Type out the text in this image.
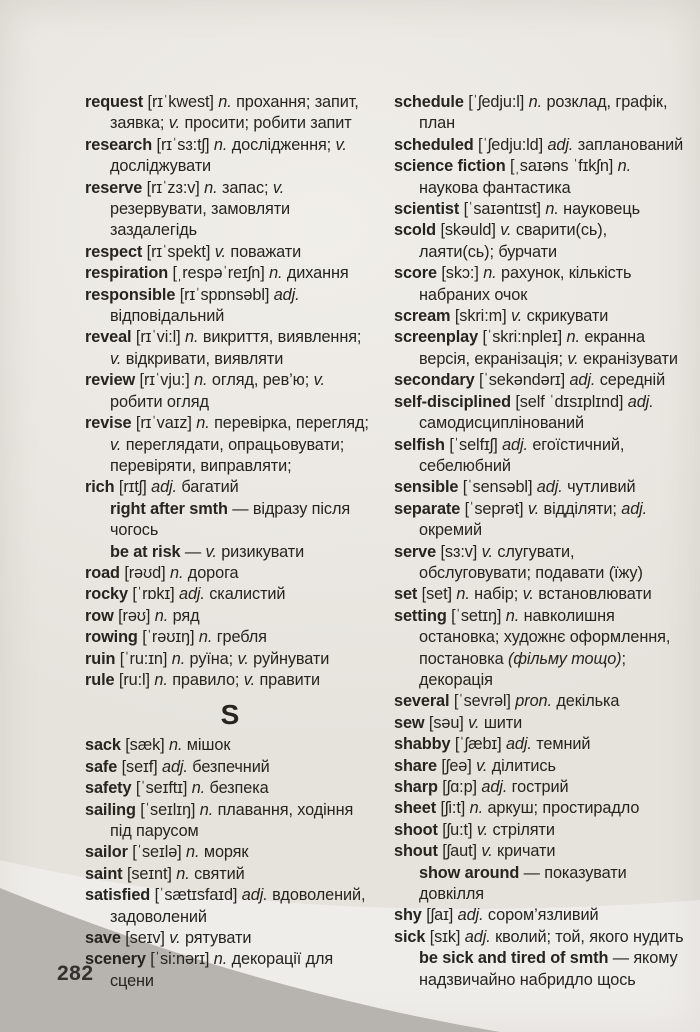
request [rɪˈkwest] n. прохання; запит, заявка; v. просити; робити запит

research [rɪˈsɜ:tʃ] n. дослідження; v. досліджувати

reserve [rɪˈzɜ:v] n. запас; v. резервувати, замовляти заздалегідь

respect [rɪˈspekt] v. поважати

respiration [ˌrespəˈreɪʃn] n. дихання

responsible [rɪˈspɒnsəbl] adj. відповідальний

reveal [rɪˈvi:l] n. викриття, виявлення; v. відкривати, виявляти

review [rɪˈvju:] n. огляд, рев’ю; v. робити огляд

revise [rɪˈvaɪz] n. перевірка, перегляд; v. переглядати, опрацьовувати; перевіряти, виправляти;

rich [rɪtʃ] adj. багатий

right after smth — відразу після чогось

be at risk — v. ризикувати

road [rəʊd] n. дорога

rocky [ˈrɒkɪ] adj. скалистий

row [rəʊ] n. ряд

rowing [ˈrəʊɪŋ] n. гребля

ruin [ˈru:ɪn] n. руїна; v. руйнувати

rule [ru:l] n. правило; v. правити

S

sack [sæk] n. мішок

safe [seɪf] adj. безпечний

safety [ˈseɪftɪ] n. безпека

sailing [ˈseɪlɪŋ] n. плавання, ходіння під парусом

sailor [ˈseɪlə] n. моряк

saint [seɪnt] n. святий

satisfied [ˈsætɪsfaɪd] adj. вдоволений, задоволений

save [seɪv] v. рятувати

scenery [ˈsi:nərɪ] n. декорації для сцени

schedule [ˈʃedju:l] n. розклад, графік, план

scheduled [ˈʃedju:ld] adj. запланований

science fiction [ˌsaɪəns ˈfɪkʃn] n. наукова фантастика

scientist [ˈsaɪəntɪst] n. науковець

scold [skəuld] v. сварити(сь), лаяти(сь); бурчати

score [skɔ:] n. рахунок, кількість набраних очок

scream [skri:m] v. скрикувати

screenplay [ˈskri:npleɪ] n. екранна версія, екранізація; v. екранізувати

secondary [ˈsekəndərɪ] adj. середній

self-disciplined [self ˈdɪsɪplɪnd] adj. самодисциплінований

selfish [ˈselfɪʃ] adj. егоїстичний, себелюбний

sensible [ˈsensəbl] adj. чутливий

separate [ˈseprət] v. відділяти; adj. окремий

serve [sɜ:v] v. слугувати, обслуговувати; подавати (їжу)

set [set] n. набір; v. встановлювати

setting [ˈsetɪŋ] n. навколишня остановка; художнє оформлення, постановка (фільму тощо); декорація

several [ˈsevrəl] pron. декілька

sew [səu] v. шити

shabby [ˈʃæbɪ] adj. темний

share [ʃeə] v. ділитись

sharp [ʃɑ:p] adj. гострий

sheet [ʃi:t] n. аркуш; простирадло

shoot [ʃu:t] v. стріляти

shout [ʃaut] v. кричати

show around — показувати довкілля

shy [ʃaɪ] adj. сором’язливий

sick [sɪk] adj. кволий; той, якого нудить

be sick and tired of smth — якому надзвичайно набридло щось

282
